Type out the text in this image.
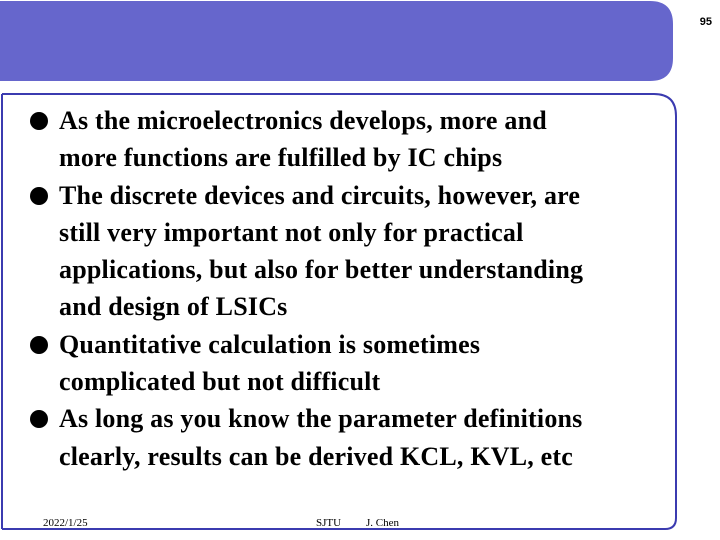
95
As the microelectronics develops, more and
more functions are fulfilled by IC chips
The discrete devices and circuits, however, are
still very important not only for practical
applications, but also for better understanding
and design of LSICs
Quantitative calculation is sometimes
complicated but not difficult
As long as you know the parameter definitions
clearly, results can be derived KCL, KVL, etc
2022/1/25	SJTU J. Chen
